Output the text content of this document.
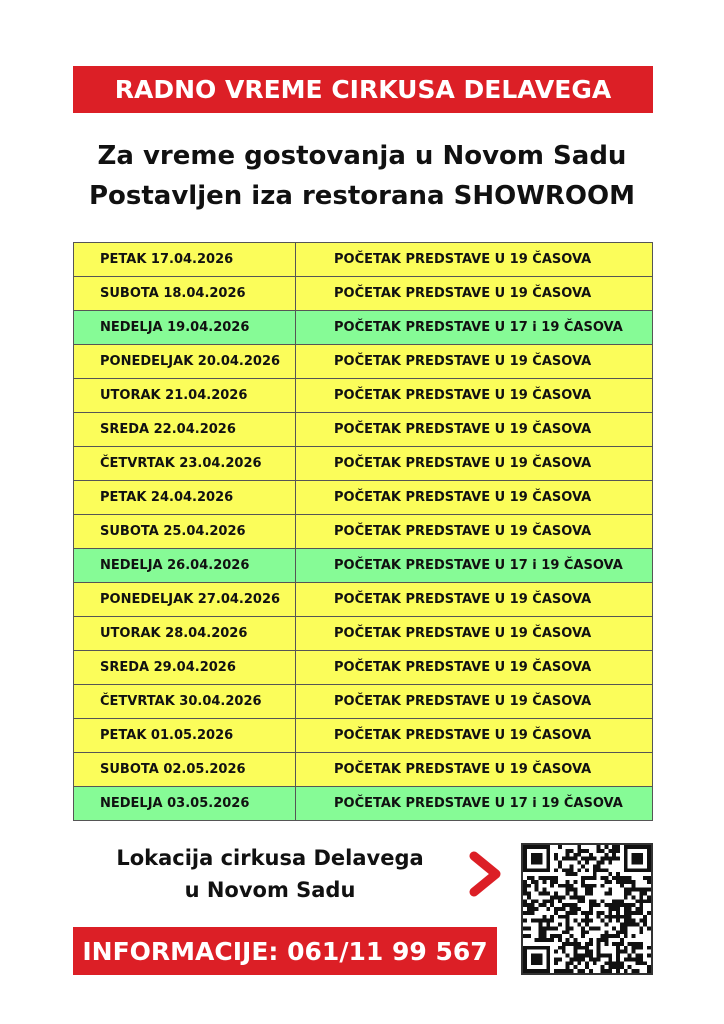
RADNO VREME CIRKUSA DELAVEGA
Za vreme gostovanja u Novom Sadu
Postavljen iza restorana SHOWROOM
PETAK 17.04.2026	POČETAK PREDSTAVE U 19 ČASOVA
SUBOTA 18.04.2026	POČETAK PREDSTAVE U 19 ČASOVA
NEDELJA 19.04.2026	POČETAK PREDSTAVE U 17 i 19 ČASOVA
PONEDELJAK 20.04.2026	POČETAK PREDSTAVE U 19 ČASOVA
UTORAK 21.04.2026	POČETAK PREDSTAVE U 19 ČASOVA
SREDA 22.04.2026	POČETAK PREDSTAVE U 19 ČASOVA
ČETVRTAK 23.04.2026	POČETAK PREDSTAVE U 19 ČASOVA
PETAK 24.04.2026	POČETAK PREDSTAVE U 19 ČASOVA
SUBOTA 25.04.2026	POČETAK PREDSTAVE U 19 ČASOVA
NEDELJA 26.04.2026	POČETAK PREDSTAVE U 17 i 19 ČASOVA
PONEDELJAK 27.04.2026	POČETAK PREDSTAVE U 19 ČASOVA
UTORAK 28.04.2026	POČETAK PREDSTAVE U 19 ČASOVA
SREDA 29.04.2026	POČETAK PREDSTAVE U 19 ČASOVA
ČETVRTAK 30.04.2026	POČETAK PREDSTAVE U 19 ČASOVA
PETAK 01.05.2026	POČETAK PREDSTAVE U 19 ČASOVA
SUBOTA 02.05.2026	POČETAK PREDSTAVE U 19 ČASOVA
NEDELJA 03.05.2026	POČETAK PREDSTAVE U 17 i 19 ČASOVA
Lokacija cirkusa Delavega
u Novom Sadu
INFORMACIJE: 061/11 99 567
